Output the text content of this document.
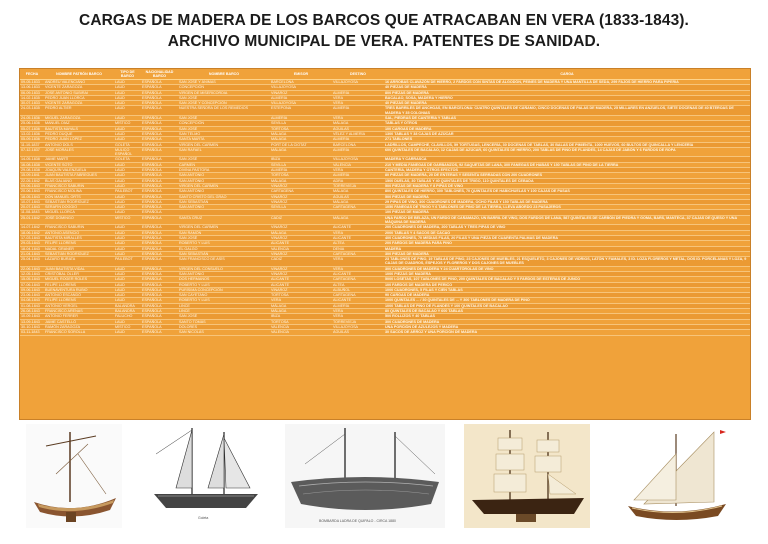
CARGAS DE MADERA DE LOS BARCOS QUE ATRACABAN EN VERA (1833-1843).
ARCHIVO MUNICIPAL DE VERA. PATENTES DE SANIDAD.
FECHA	NOMBRE PATRÓN BARCO	TIPO DE BARCO	NACIONALIDAD BARCO	NOMBRE BARCO	EMISOR	DESTINO	CARGA
09-05-1833	ANDRÉU VALENCIANO	LAUD	ESPAÑOLA	SAN JOSÉ Y ÁNIMAS	BARCELONA	VILLAJOYOSA	16 ARROBAS CLAVAZÓN DE HIERRO, 2 FARDOS CON SINTAS DE ALGODÓN, PEINES DE MADERA Y UNA MANTILLA DE SEDA, 299 FAJOS DE HIERRO PARA PIPERIA
13-06-1833	VICENTE ZARAGOZA	LAUD	ESPAÑOLA	CONCEPCIÓN	VILLAJOYOSA		40 PIEZAS DE MADERA
06-09-1833	JOSÉ ANTONIO SUBIRAI	LAUD	ESPAÑOLA	VIRGEN DE MISERICORDIA	VINAROZ	ALMERÍA	800 PIEZAS DE MADERA
14-02-1835	PEDRO JUAN LLORCA	LAUD	ESPAÑOLA	SAN JOSÉ	ALMERÍA	VERA	BACALAO, SOSA, MADERA Y HIERRO
30-07-1833	VICENTE ZARAGOZA	LAUD	ESPAÑOLA	SAN JOSÉ Y CONCEPCIÓN	VILLAJOYOSA	VERA	40 PIEZAS DE MADERA
24-03-1835	PEDRO ALTIER	LAUD	ESPAÑOLA	NUESTRA SEÑORA DE LOS REMEDIOS	ESTEPONA	ALMERÍA	TRES BARRILES DE ANCHOAS, EN BARCELONA: CUATRO QUINTALES DE CÁÑAMO, CINCO DOCENAS DE PALAS DE MADERA, 25 MILLARES EN ANZUELOS, SIETE DOCENAS DE 40 BTEROAS DE MADERA Y 35 COLONIAS
24-05-1836	MIGUEL ZARAGOZA	LAUD	ESPAÑOLA	SAN JOSÉ	ALMERÍA	VERA	SAL, PIEDRAS DE CANTERÍA Y TABLAS
25-06-1836	MANUEL DÍAZ	MÍSTICO	ESPAÑOLA	CONCEPCIÓN	SEVILLA	MÁLAGA	TABLAS Y OTROS
05-07-1836	BAUTISTA MAYALS	LAUD	ESPAÑOLA	SAN JOSÉ	TORTOSA	ÁGUILAS	100 CARGAS DE MADERA
13-02-1836	PEDRO DUQUE	LAUD	ESPAÑOLA	SAN TELMO	MÁLAGA	VÉLEZ Y ALMERÍA	1300 TABLAS Y 38 CAJAS DE AZÚCAR
05-09-1836	PEDRO JUAN LÓPEZ	LAUD	ESPAÑOLA	SANTA MARTA	MÁLAGA	ALMERÍA	271 TABLONES
11-10-1837	ANTONIO DOLS	GOLETA	ESPAÑOLA	VIRGEN DEL CARMEN	PORT DE LA CIOTAT	BARCELONA	LADRILLOS, CAMPECHE, CLAVILLOS, 59 TORTUGAS, LENCERÍA, 30 DOCENAS DE TABLAS, 30 BALAS DE PIMIENTA, 1000 HUEVOS, 60 BULTOS DE QUINCALLA Y LENCERÍA
07-12-1837	JOSÉ MORALES	MULICO ESPAÑOL	ESPAÑOLA	SAN RAFAEL	MÁLAGA	ALMERÍA	600 QUINTALES DE BACALAO, 12 CAJAS DE AZÚCAR, 60 QUINTALES DE HIERRO, 200 TABLAS DE PINO DE FLANDES, 14 CAJAS DE JABÓN Y 6 FARDOS DE ROPA
14-05-1838	JAIME MARTÍ	GOLETA	ESPAÑOLA	SAN JOSÉ	IBIZA	VILLAJOYOSA	MADERA Y CARRASCA
16-08-1838	VICENTE SOTO	LAUD	ESPAÑOLA	CARMEN	SEVILLA	VALENCIA	210 Y MEDIA FANEGAS DE GARBANZOS, 92 SAQUETAS DE LANA, 300 FANEGAS DE HABAS Y 150 TABLAS DE PINO DE LA TIERRA
29-08-1838	JOAQUÍN VALENZUELA	LAUD	ESPAÑOLA	DIVINA PASTORA	ALMERÍA	VERA	CANTERÍA, MADERA Y OTROS EFECTOS
15-09-1841	JUAN BAUTISTA FÁBREGUES	LAUD	ESPAÑOLA	SAN ANTONIO	TORTOSA	ALMERÍA	80 PIEZAS DE MADERA, 20 DE ENTERAS Y SESENTA SERRADAS CON 200 CUADRONES
22-05-1842	BLAS GALIANO	LAUD	ESPAÑOLA	SAN ANTONIO	MÁLAGA	ADRA	1500 DUELAS, 30 TABLAS Y 40 QUINTALES DE TRIGO, 110 QUINTALES DE CEBADA
09-06-1843	FRANCISCO SABURIN	LAUD	ESPAÑOLA	VIRGEN DEL CARMEN	VINAROZ	TORREVIEJA	500 PIEZAS DE MADERA Y 8 PIPAS DE VINO
20-06-1843	FRANCISCO MOLINA	PAILEBOT	ESPAÑOLA	SAN ANTONIO	CARTAGENA	MÁLAGA	800 QUINTALES DE HIERRO, 300 TABLONES, 70 QUINTALES DE HABICHUELAS Y 100 CAJAS DE PASAS
18-05-1843	DON MANUEL ORTS	LAUD	ESPAÑOLA	SANTO CRISTO DEL GRAO	VINAROZ	ÁGUILAS	500 PIEZAS DE MADERA
10-07-1843	SEBASTIÁN RODRÍGUEZ	LAUD	ESPAÑOLA	SAN SEBASTIÁN	VINAROZ	MÁLAGA	29 PIPAS DE VINO, 300 CUADRONES DE MADERA, OCHO FILAS Y 150 TABLAS DE MADERA
20-07-1843	SERAFÍN DOGGIO	LAUD	ESPAÑOLA	SAN ANTONIO	SEVILLA	CARTAGENA	1050 FANEGAS DE TRIGO Y 6 TABLONES DE PINO DE LA TIERRA, LLEVA ABORDO 23 PASAJEROS
11-08-1843	MIGUEL LLORCA	LAUD	ESPAÑOLA				100 PIEZAS DE MADERA
25-01-1842	JOSÉ DOMINGO	MÍSTICO	ESPAÑOLA	SANTA CRUZ	CÁDIZ	MÁLAGA	UNA FARDO DE BELAZA, UN FARDO DE CAÑAMAZO, UN BARRIL DE VINO, DOS FARDOS DE LANA, 587 QUINTALES DE CARBÓN DE PIEDRA Y GOMA, BARS, MANTECA, 37 CAJAS DE QUESO Y UNA MÁQUINA DE MADERA
14-07-1842	FRANCISCO SABURIN	LAUD	ESPAÑOLA	VIRGEN DEL CARMEN	VINAROZ	ALICANTE	200 CUADRONES DE MADERA, 200 TABLAS Y TRES PIPAS DE VINO
18-06-1842	ANTONIO ASENCIO	LAUD	ESPAÑOLA	SAN RAMÓN	MÁLAGA	VERA	2000 TABLAS Y 4 SACOS DE CACAO
17-03-1843	BAUTISTA MIRALLES	LAUD	ESPAÑOLA	SAN JOSÉ	VINAROZ	ALICANTE	400 CUADRONES, 70 MEDIAS FILAS, 20 FILAS Y UNA PIEZA DE CUARENTA PALMAS DE MADERA
29-03-1843	FELIPE LLORENS	LAUD	ESPAÑOLA	ROBERTO Y LUIS	ALICANTE	ALTEA	200 FARDOS DE MADERA PARA PINO
18-04-1843	NADAL GRANER	LAUD	ESPAÑOLA	EL GALGO	VALENCIA	DENIA	MADERA
21-04-1843	SEBASTIÁN RODRÍGUEZ	LAUD	ESPAÑOLA	SAN SEBASTIÁN	VINAROZ	CARTAGENA	300 PIEZAS DE MADERA
25-04-1843	LÁZARO BURATA	PAILEBOT	ESPAÑOLA	SAN FRANCISCO DE ASÍS	CÁDIZ	VERA	23 TABLONES DE PINO, 19 TABLAS DE PINO, 23 CAJONES DE MUEBLES, 21 ESQUELETO, 3 CAJONES DE VIDRIOS, LATÓN Y FAMALES, 3 ID. LOZA FLOREROS Y METAL, DOS ID. PORCELANAS Y LOZA, 9 CAJAS DE CUADROS, ESPEJOS Y FLOREROS Y DOS CAJONES DE MUEBLES
22-06-1843	JUAN BAUTISTA VIDAL	LAUD	ESPAÑOLA	VIRGEN DEL CONSUELO	VINAROZ	VERA	300 CUADRONES DE MADERA Y 24 CUARTÓROLAS DE VINO
12-05-1843	CRISTÓBAL OLLER	LAUD	ESPAÑOLA	SAN ANTONIO	VINAROZ	ALICANTE	1000 PIEZAS DE MADERA
15-05-1843	MIGUEL ROGER ROLES	LAUD	ESPAÑOLA	DOS HERMANOS	ALICANTE	CARTAGENA	5000 LOSETAS, 107 TABLONES DE PINO, 200 QUINTALES DE BACALAO Y 5 FARDOS DE ESTERAS DE JUNCO
07-06-1843	FELIPE LLORENS	LAUD	ESPAÑOLA	ROBERTO Y LUIS	ALICANTE	ALTEA	100 FARDOS DE MADERA DE PERICO
09-06-1843	BUENAVENTURA RUBIO	LAUD	ESPAÑOLA	PURÍSIMA CONCEPCIÓN	VINAROZ	ALBUÑOL	1000 CUADRONES, 5 FILAS Y CIEN TABLAS
23-06-1843	ANTONIO ESCANDÓ	LAUD	ESPAÑOLA	SAN CAYETANO	TORTOSA	CARTAGENA	90 CARGAS DE MADERA
04-08-1843	FELIPE LLORENS	LAUD	ESPAÑOLA	ROBERTO Y LUIS	VERA	ALICANTE	1000 QUINTALES ... / 30 QUINTALES DE ... Y 300 TABLONES DE MADERA DE PINO
01-08-1843	ANTONIO VERGEL	BALANDRA	ESPAÑOLA	LINCE	MÁLAGA	ALMERÍA	1000 TABLAS DE PINO DE FLANDES Y 100 QUINTALES DE BACALAO
26-08-1843	FRANCISCO ARENAS	BALANDRA	ESPAÑOLA	LINCE	MÁLAGA	VERA	80 QUINTALES DE BACALAO Y 600 TABLAS
10-09-1843	ANTONIO FERRER	FALUCHO	ESPAÑOLA	SAN JOSÉ	IBIZA	VERA	500 ROLLIZOS Y 40 TABLAS
13-09-1843	JAIME CASTELLÓ	LAUD	ESPAÑOLA	SANTO TOMÁS	TORTOSA	TORREVIEJA	300 CUADRONES DE MADERA
30-10-1843	RAMÓN ZARAGOZA	MÍSTICO	ESPAÑOLA	DOLORES	VALENCIA	VILLAJOYOSA	UNA PORCIÓN DE AZULEJOS Y MADERA
03-11-1843	FRANCISCO SOROLLA	LAUD	ESPAÑOLA	SAN NICOLÁS	VALENCIA	ÁGUILAS	30 SACOS DE ARROZ Y UNA PORCIÓN DE MADERA
Goleta
BOMBARDA LADRA DE QUIPALO - CIRCA 1880
